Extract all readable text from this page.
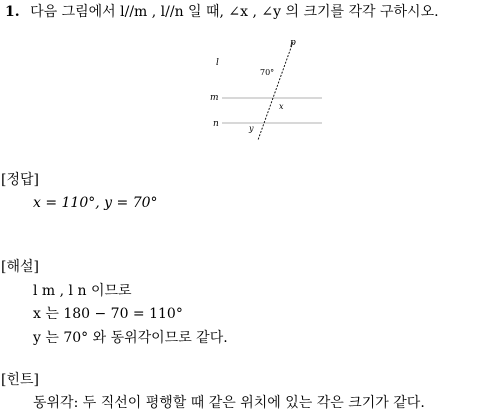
1. 다음 그림에서 l//m , l//n 일 때, ∠x , ∠y 의 크기를 각각 구하시오.
p
l
m
n
70°
x
y
[정답]
x = 110°, y = 70°
[해설]
l m , l n 이므로
x 는 180 − 70 = 110°
y 는 70° 와 동위각이므로 같다.
[힌트]
동위각: 두 직선이 평행할 때 같은 위치에 있는 각은 크기가 같다.
